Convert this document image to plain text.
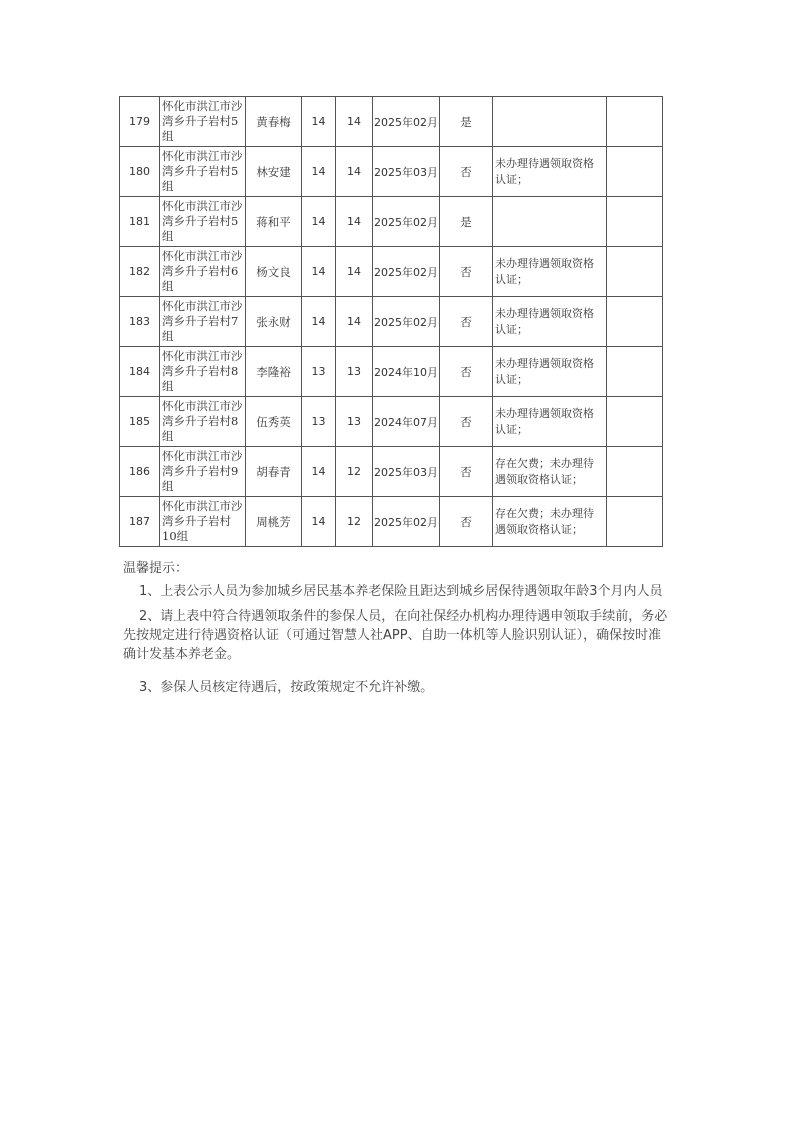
179	怀化市洪江市沙湾乡升子岩村5组	黄春梅	14	14	2025年02月	是		
180	怀化市洪江市沙湾乡升子岩村5组	林安建	14	14	2025年03月	否	未办理待遇领取资格认证；	
181	怀化市洪江市沙湾乡升子岩村5组	蒋和平	14	14	2025年02月	是		
182	怀化市洪江市沙湾乡升子岩村6组	杨文良	14	14	2025年02月	否	未办理待遇领取资格认证；	
183	怀化市洪江市沙湾乡升子岩村7组	张永财	14	14	2025年02月	否	未办理待遇领取资格认证；	
184	怀化市洪江市沙湾乡升子岩村8组	李隆裕	13	13	2024年10月	否	未办理待遇领取资格认证；	
185	怀化市洪江市沙湾乡升子岩村8组	伍秀英	13	13	2024年07月	否	未办理待遇领取资格认证；	
186	怀化市洪江市沙湾乡升子岩村9组	胡春青	14	12	2025年03月	否	存在欠费；未办理待遇领取资格认证；	
187	怀化市洪江市沙湾乡升子岩村10组	周桃芳	14	12	2025年02月	否	存在欠费；未办理待遇领取资格认证；	

温馨提示：

1、上表公示人员为参加城乡居民基本养老保险且距达到城乡居保待遇领取年龄3个月内人员

2、请上表中符合待遇领取条件的参保人员，在向社保经办机构办理待遇申领取手续前，务必先按规定进行待遇资格认证（可通过智慧人社APP、自助一体机等人脸识别认证），确保按时准确计发基本养老金。

3、参保人员核定待遇后，按政策规定不允许补缴。
